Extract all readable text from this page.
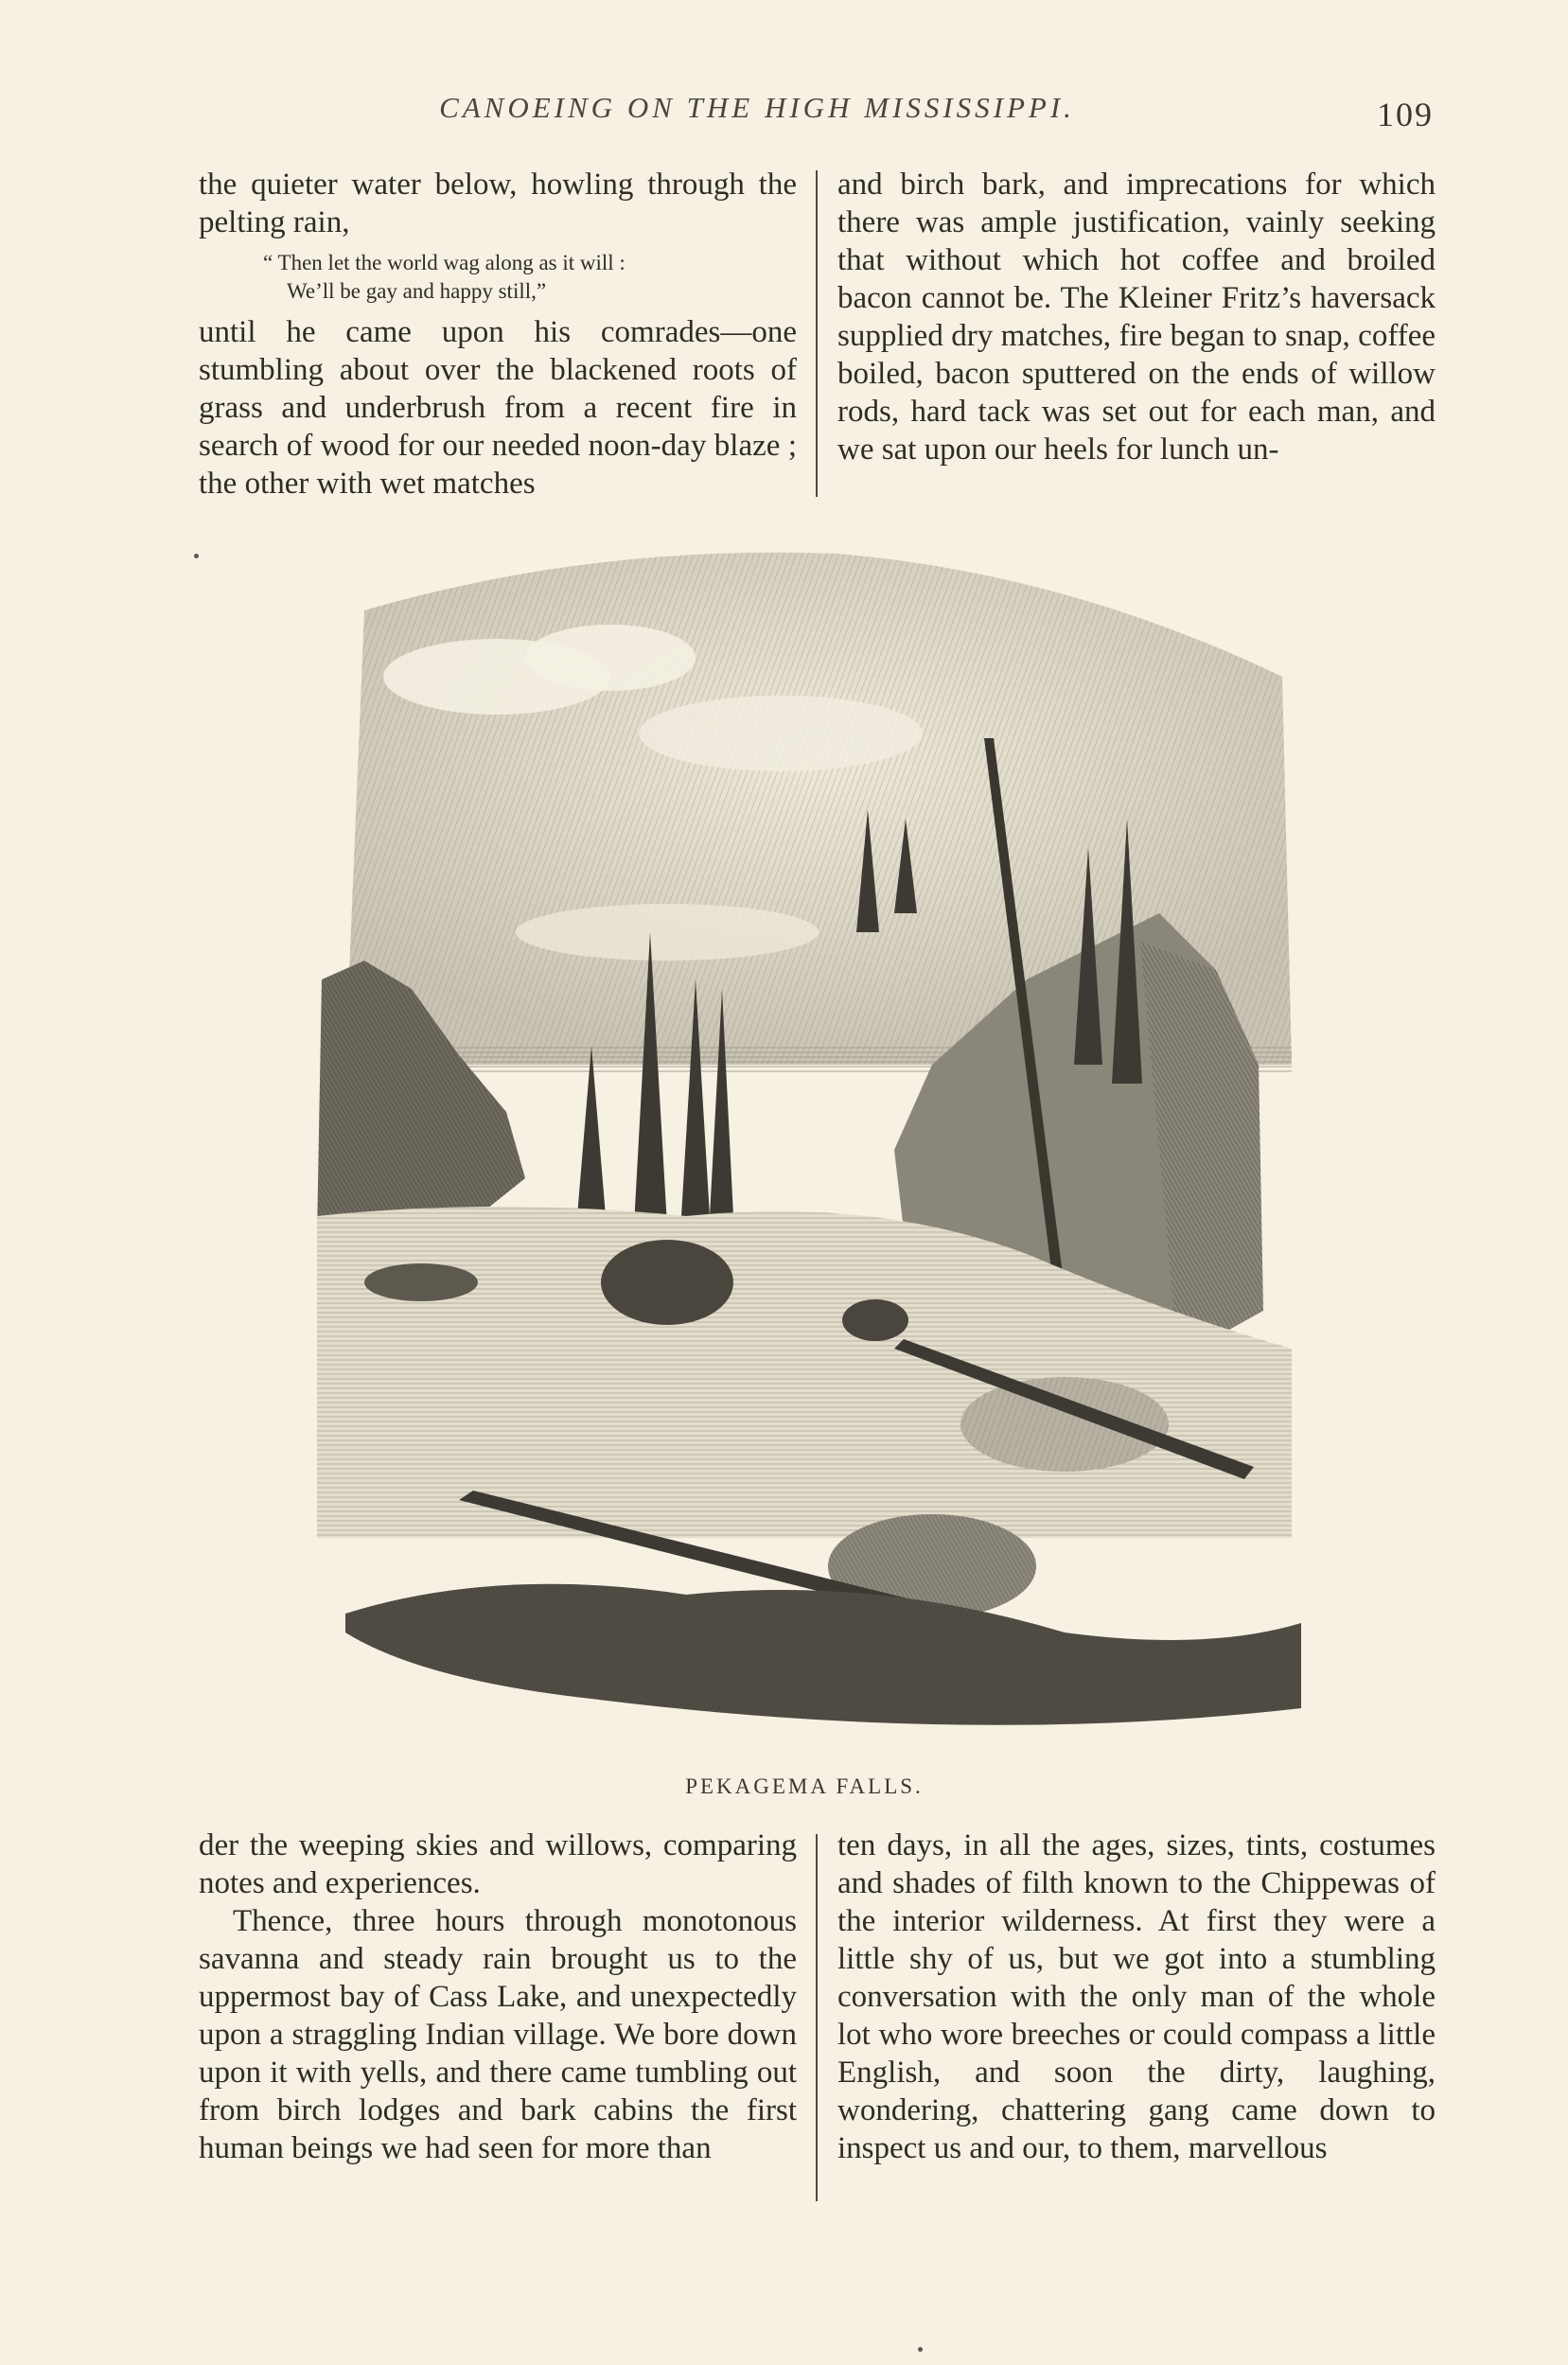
CANOEING ON THE HIGH MISSISSIPPI.	109

the quieter water below, howling through the pelting rain,

“ Then let the world wag along as it will :
We’ll be gay and happy still,”

until he came upon his comrades—one stumbling about over the blackened roots of grass and underbrush from a recent fire in search of wood for our needed noon-day blaze ; the other with wet matches

and birch bark, and imprecations for which there was ample justification, vainly seeking that without which hot coffee and broiled bacon cannot be. The Kleiner Fritz’s haversack supplied dry matches, fire began to snap, coffee boiled, bacon sputtered on the ends of willow rods, hard tack was set out for each man, and we sat upon our heels for lunch un-

PEKAGEMA FALLS.

der the weeping skies and willows, comparing notes and experiences.

Thence, three hours through monotonous savanna and steady rain brought us to the uppermost bay of Cass Lake, and unexpectedly upon a straggling Indian village. We bore down upon it with yells, and there came tumbling out from birch lodges and bark cabins the first human beings we had seen for more than

ten days, in all the ages, sizes, tints, costumes and shades of filth known to the Chippewas of the interior wilderness. At first they were a little shy of us, but we got into a stumbling conversation with the only man of the whole lot who wore breeches or could compass a little English, and soon the dirty, laughing, wondering, chattering gang came down to inspect us and our, to them, marvellous
